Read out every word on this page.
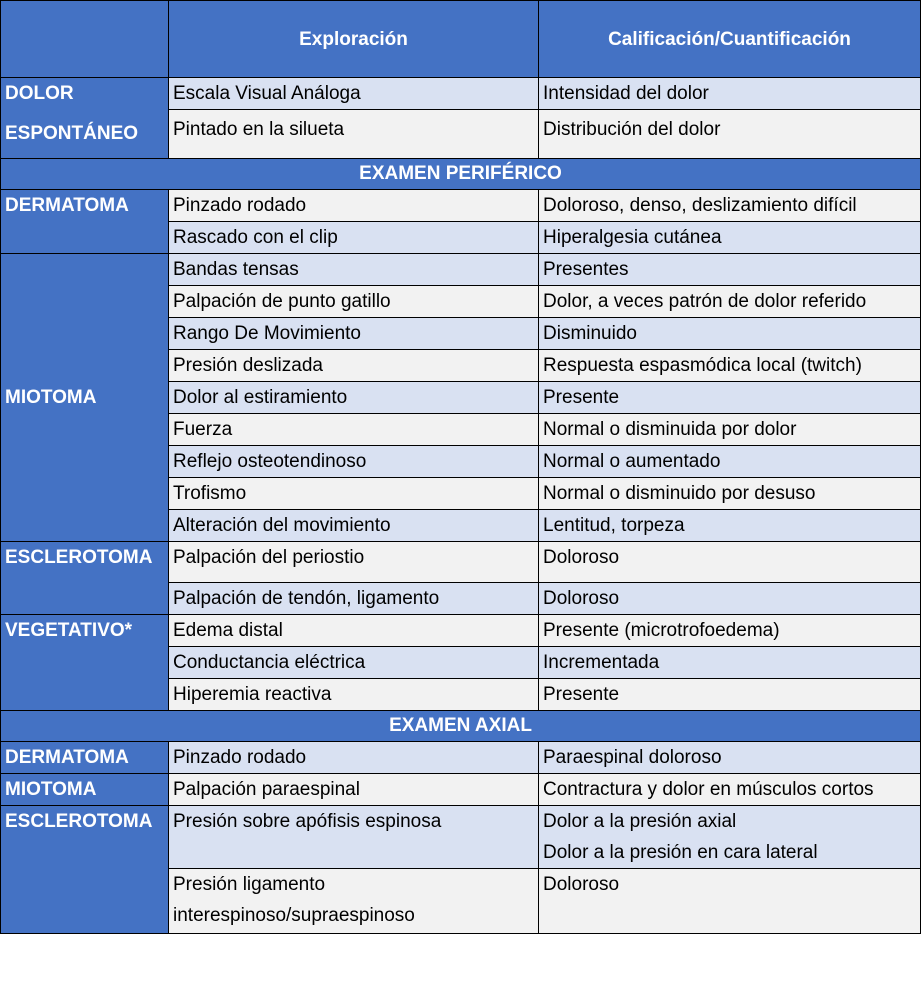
	Exploración	Calificación/Cuantificación
DOLOR	Escala Visual Análoga	Intensidad del dolor
ESPONTÁNEO	Pintado en la silueta	Distribución del dolor
EXAMEN PERIFÉRICO		
DERMATOMA	Pinzado rodado	Doloroso, denso, deslizamiento difícil
	Rascado con el clip	Hiperalgesia cutánea
MIOTOMA	Bandas tensas	Presentes
	Palpación de punto gatillo	Dolor, a veces patrón de dolor referido
	Rango De Movimiento	Disminuido
	Presión deslizada	Respuesta espasmódica local (twitch)
	Dolor al estiramiento	Presente
	Fuerza	Normal o disminuida por dolor
	Reflejo osteotendinoso	Normal o aumentado
	Trofismo	Normal o disminuido por desuso
	Alteración del movimiento	Lentitud, torpeza
ESCLEROTOMA	Palpación del periostio	Doloroso
	Palpación de tendón, ligamento	Doloroso
VEGETATIVO*	Edema distal	Presente (microtrofoedema)
	Conductancia eléctrica	Incrementada
	Hiperemia reactiva	Presente
EXAMEN AXIAL		
DERMATOMA	Pinzado rodado	Paraespinal doloroso
MIOTOMA	Palpación paraespinal	Contractura y dolor en músculos cortos
ESCLEROTOMA	Presión sobre apófisis espinosa	Dolor a la presión axial
Dolor a la presión en cara lateral

	Presión ligamento interespinoso/supraespinoso	Doloroso
